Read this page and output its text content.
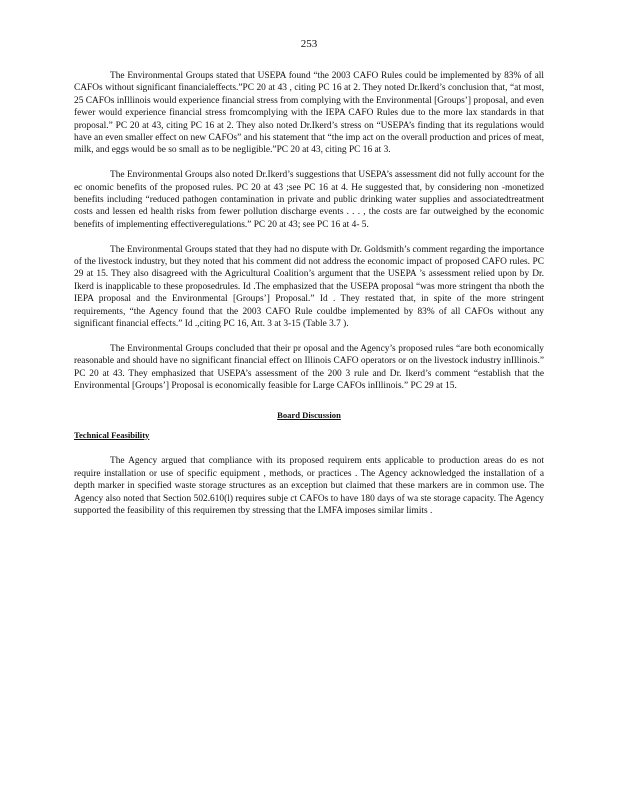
253

The Environmental Groups stated that USEPA found “the 2003 CAFO Rules could be implemented by 83% of all CAFOs without significant financialeffects.”PC 20 at 43 , citing PC 16 at 2. They noted Dr.Ikerd’s conclusion that, “at most, 25 CAFOs inIllinois would experience financial stress from complying with the Environmental [Groups’] proposal, and even fewer would experience financial stress fromcomplying with the IEPA CAFO Rules due to the more lax standards in that proposal.” PC 20 at 43, citing PC 16 at 2. They also noted Dr.Ikerd’s stress on “USEPA’s finding that its regulations would have an even smaller effect on new CAFOs” and his statement that “the imp act on the overall production and prices of meat, milk, and eggs would be so small as to be negligible.”PC 20 at 43, citing PC 16 at 3.

The Environmental Groups also noted Dr.Ikerd’s suggestions that USEPA’s assessment did not fully account for the ec onomic benefits of the proposed rules. PC 20 at 43 ;see PC 16 at 4. He suggested that, by considering non -monetized benefits including “reduced pathogen contamination in private and public drinking water supplies and associatedtreatment costs and lessen ed health risks from fewer pollution discharge events . . . , the costs are far outweighed by the economic benefits of implementing effectiveregulations.” PC 20 at 43; see PC 16 at 4- 5.

The Environmental Groups stated that they had no dispute with Dr. Goldsmith’s comment regarding the importance of the livestock industry, but they noted that his comment did not address the economic impact of proposed CAFO rules. PC 29 at 15. They also disagreed with the Agricultural Coalition’s argument that the USEPA ’s assessment relied upon by Dr. Ikerd is inapplicable to these proposedrules. Id .The emphasized that the USEPA proposal “was more stringent tha nboth the IEPA proposal and the Environmental [Groups’] Proposal.” Id . They restated that, in spite of the more stringent requirements, “the Agency found that the 2003 CAFO Rule couldbe implemented by 83% of all CAFOs without any significant financial effects.” Id .,citing PC 16, Att. 3 at 3-15 (Table 3.7 ).

The Environmental Groups concluded that their pr oposal and the Agency’s proposed rules “are both economically reasonable and should have no significant financial effect on Illinois CAFO operators or on the livestock industry inIllinois.” PC 20 at 43. They emphasized that USEPA’s assessment of the 200 3 rule and Dr. Ikerd’s comment “establish that the Environmental [Groups’] Proposal is economically feasible for Large CAFOs inIllinois.” PC 29 at 15.

Board Discussion
Technical Feasibility

The Agency argued that compliance with its proposed requirem ents applicable to production areas do es not require installation or use of specific equipment , methods, or practices . The Agency acknowledged the installation of a depth marker in specified waste storage structures as an exception but claimed that these markers are in common use. The Agency also noted that Section 502.610(l) requires subje ct CAFOs to have 180 days of wa ste storage capacity. The Agency supported the feasibility of this requiremen tby stressing that the LMFA imposes similar limits .
